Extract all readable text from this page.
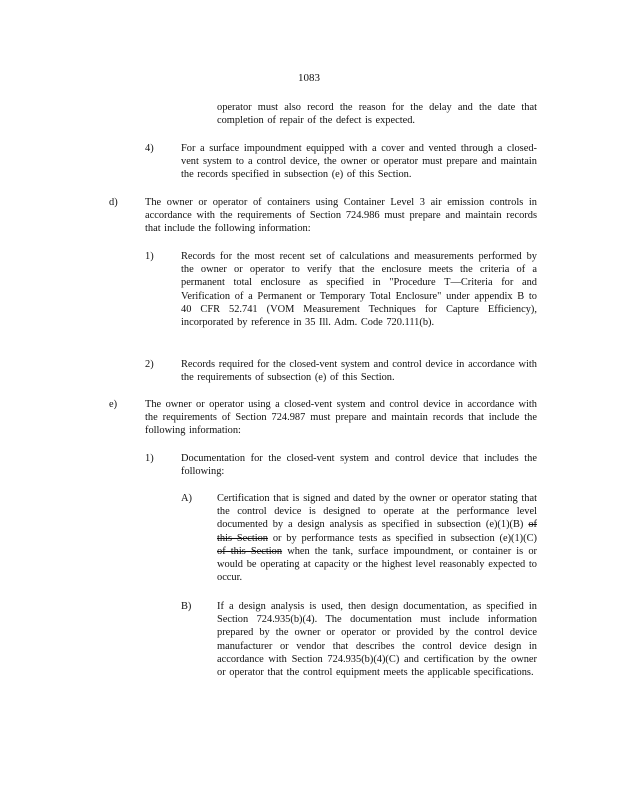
1083
operator must also record the reason for the delay and the date that completion of repair of the defect is expected.
4)	For a surface impoundment equipped with a cover and vented through a closed-vent system to a control device, the owner or operator must prepare and maintain the records specified in subsection (e) of this Section.
d)	The owner or operator of containers using Container Level 3 air emission controls in accordance with the requirements of Section 724.986 must prepare and maintain records that include the following information:
1)	Records for the most recent set of calculations and measurements performed by the owner or operator to verify that the enclosure meets the criteria of a permanent total enclosure as specified in "Procedure T—Criteria for and Verification of a Permanent or Temporary Total Enclosure" under appendix B to 40 CFR 52.741 (VOM Measurement Techniques for Capture Efficiency), incorporated by reference in 35 Ill. Adm. Code 720.111(b).
2)	Records required for the closed-vent system and control device in accordance with the requirements of subsection (e) of this Section.
e)	The owner or operator using a closed-vent system and control device in accordance with the requirements of Section 724.987 must prepare and maintain records that include the following information:
1)	Documentation for the closed-vent system and control device that includes the following:
A) Certification that is signed and dated by the owner or operator stating that the control device is designed to operate at the performance level documented by a design analysis as specified in subsection (e)(1)(B) of this Section or by performance tests as specified in subsection (e)(1)(C) of this Section when the tank, surface impoundment, or container is or would be operating at capacity or the highest level reasonably expected to occur.
B) If a design analysis is used, then design documentation, as specified in Section 724.935(b)(4). The documentation must include information prepared by the owner or operator or provided by the control device manufacturer or vendor that describes the control device design in accordance with Section 724.935(b)(4)(C) and certification by the owner or operator that the control equipment meets the applicable specifications.
